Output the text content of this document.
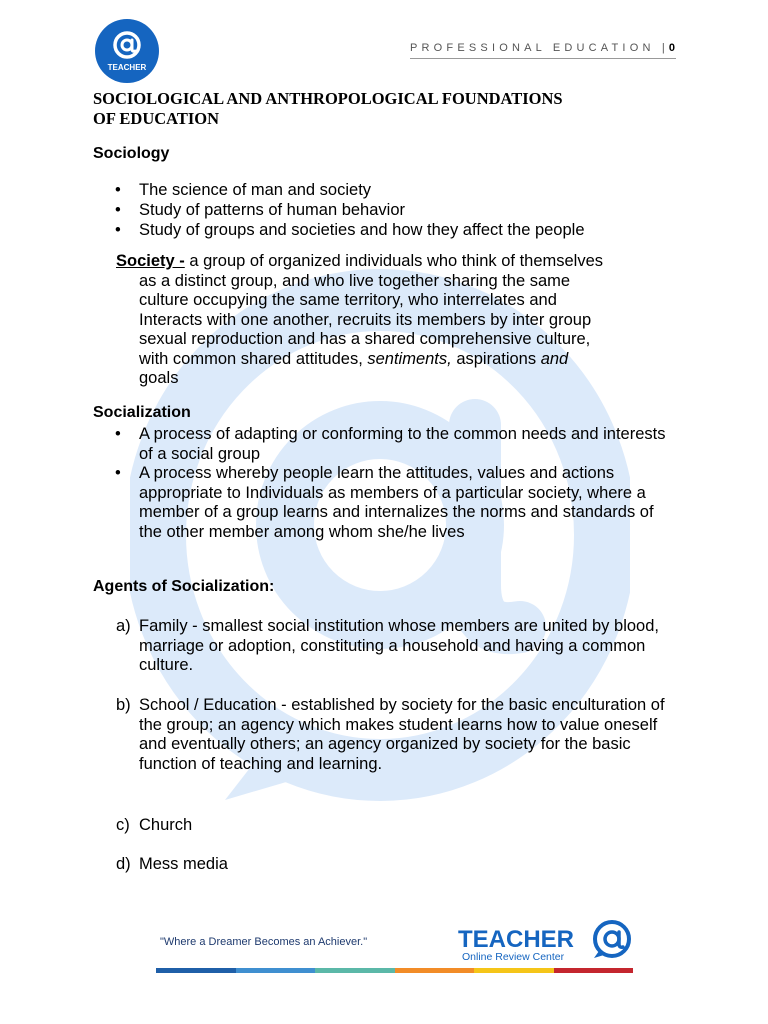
TEACHER
PROFESSIONAL EDUCATION |0
SOCIOLOGICAL AND ANTHROPOLOGICAL FOUNDATIONS
OF EDUCATION
Sociology
• The science of man and society
• Study of patterns of human behavior
• Study of groups and societies and how they affect the people
Society - a group of organized individuals who think of themselves
as a distinct group, and who live together sharing the same
culture occupying the same territory, who interrelates and
Interacts with one another, recruits its members by inter group
sexual reproduction and has a shared comprehensive culture,
with common shared attitudes, sentiments, aspirations and
goals
Socialization
• A process of adapting or conforming to the common needs and interests of a social group
• A process whereby people learn the attitudes, values and actions appropriate to Individuals as members of a particular society, where a member of a group learns and internalizes the norms and standards of the other member among whom she/he lives
Agents of Socialization:
a) Family - smallest social institution whose members are united by blood, marriage or adoption, constituting a household and having a common culture.
b) School / Education - established by society for the basic enculturation of the group; an agency which makes student learns how to value oneself and eventually others; an agency organized by society for the basic function of teaching and learning.
c) Church
d) Mess media
"Where a Dreamer Becomes an Achiever."	TEACHER
Online Review Center
